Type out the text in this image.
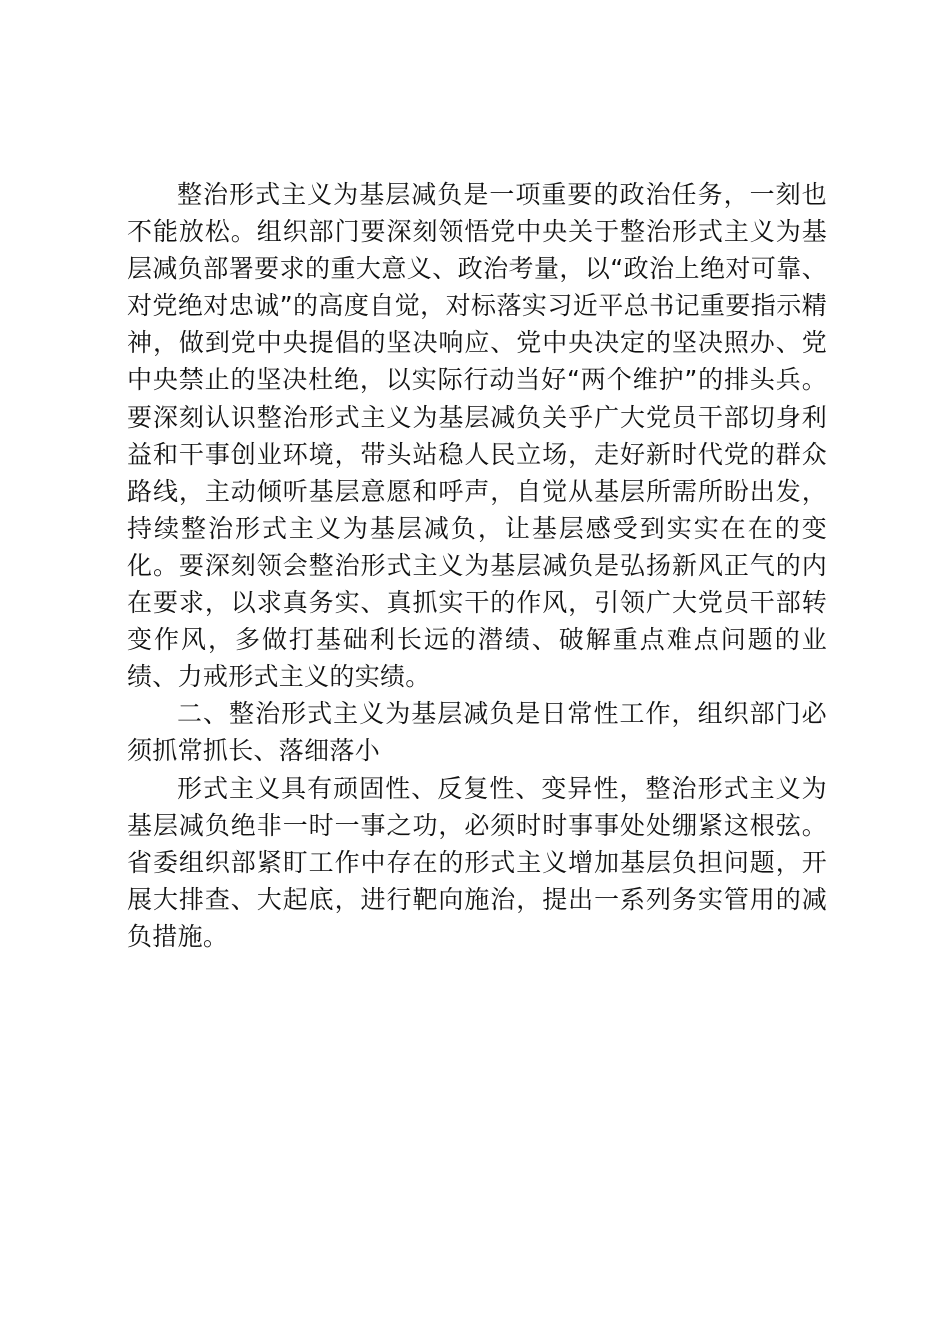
整治形式主义为基层减负是一项重要的政治任务，一刻也不能放松。组织部门要深刻领悟党中央关于整治形式主义为基层减负部署要求的重大意义、政治考量，以“政治上绝对可靠、对党绝对忠诚”的高度自觉，对标落实习近平总书记重要指示精神，做到党中央提倡的坚决响应、党中央决定的坚决照办、党中央禁止的坚决杜绝，以实际行动当好“两个维护”的排头兵。要深刻认识整治形式主义为基层减负关乎广大党员干部切身利益和干事创业环境，带头站稳人民立场，走好新时代党的群众路线，主动倾听基层意愿和呼声，自觉从基层所需所盼出发，持续整治形式主义为基层减负，让基层感受到实实在在的变化。要深刻领会整治形式主义为基层减负是弘扬新风正气的内在要求，以求真务实、真抓实干的作风，引领广大党员干部转变作风，多做打基础利长远的潜绩、破解重点难点问题的业绩、力戒形式主义的实绩。

二、整治形式主义为基层减负是日常性工作，组织部门必须抓常抓长、落细落小

形式主义具有顽固性、反复性、变异性，整治形式主义为基层减负绝非一时一事之功，必须时时事事处处绷紧这根弦。省委组织部紧盯工作中存在的形式主义增加基层负担问题，开展大排查、大起底，进行靶向施治，提出一系列务实管用的减负措施。
